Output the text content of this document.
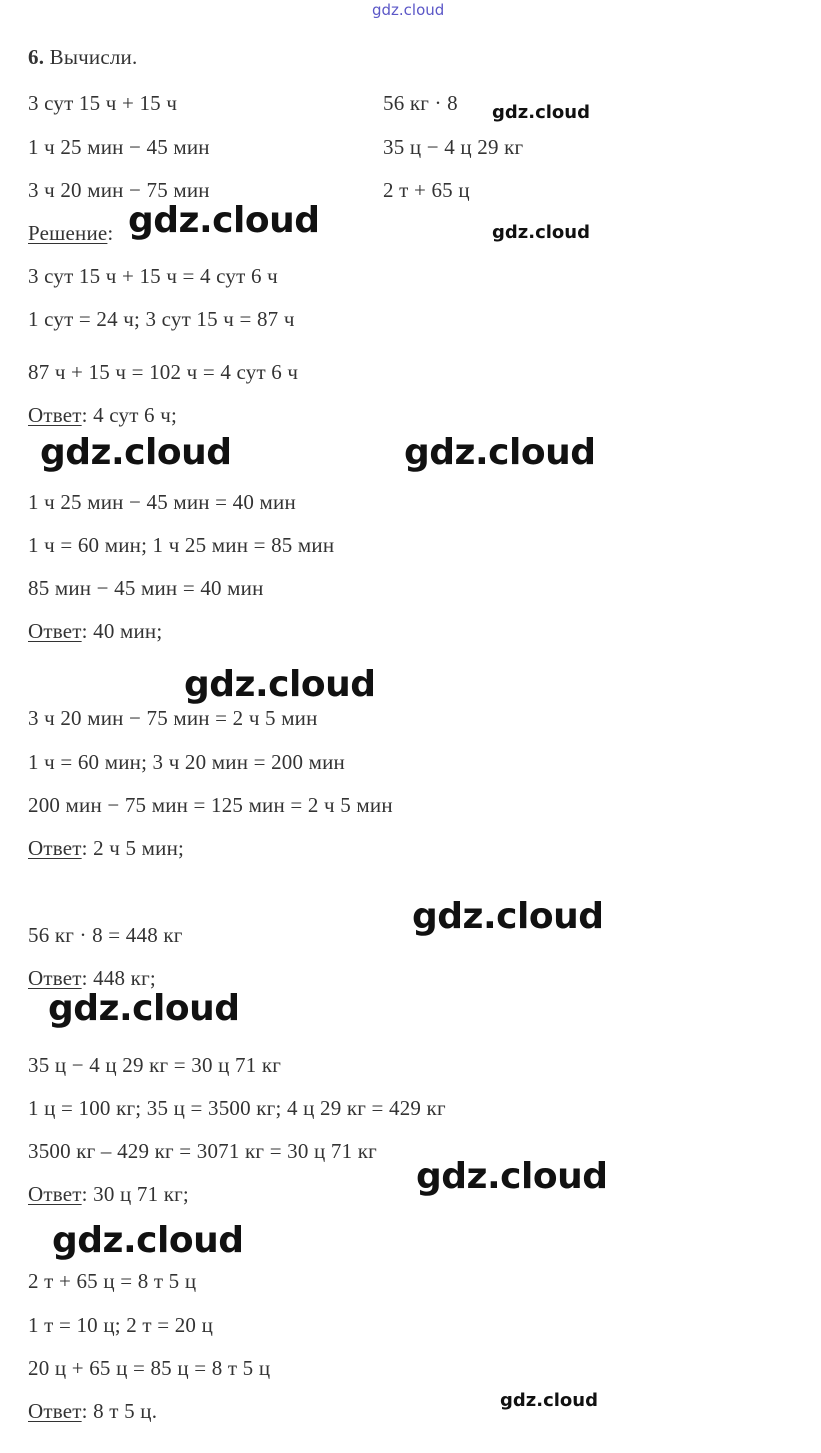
gdz.cloud
6. Вычисли.
3 сут 15 ч + 15 ч
1 ч 25 мин − 45 мин
3 ч 20 мин − 75 мин
56 кг · 8
35 ц − 4 ц 29 кг
2 т + 65 ц
Решение:
3 сут 15 ч + 15 ч = 4 сут 6 ч
1 сут = 24 ч; 3 сут 15 ч = 87 ч
87 ч + 15 ч = 102 ч = 4 сут 6 ч
Ответ: 4 сут 6 ч;
1 ч 25 мин − 45 мин = 40 мин
1 ч = 60 мин; 1 ч 25 мин = 85 мин
85 мин − 45 мин = 40 мин
Ответ: 40 мин;
3 ч 20 мин − 75 мин = 2 ч 5 мин
1 ч = 60 мин; 3 ч 20 мин = 200 мин
200 мин − 75 мин = 125 мин = 2 ч 5 мин
Ответ: 2 ч 5 мин;
56 кг · 8 = 448 кг
Ответ: 448 кг;
35 ц − 4 ц 29 кг = 30 ц 71 кг
1 ц = 100 кг; 35 ц = 3500 кг; 4 ц 29 кг = 429 кг
3500 кг – 429 кг = 3071 кг = 30 ц 71 кг
Ответ: 30 ц 71 кг;
2 т + 65 ц = 8 т 5 ц
1 т = 10 ц; 2 т = 20 ц
20 ц + 65 ц = 85 ц = 8 т 5 ц
Ответ: 8 т 5 ц.
gdz.cloud
gdz.cloud	gdz.cloud
gdz.cloud	gdz.cloud
gdz.cloud
gdz.cloud
gdz.cloud
gdz.cloud
gdz.cloud
gdz.cloud
